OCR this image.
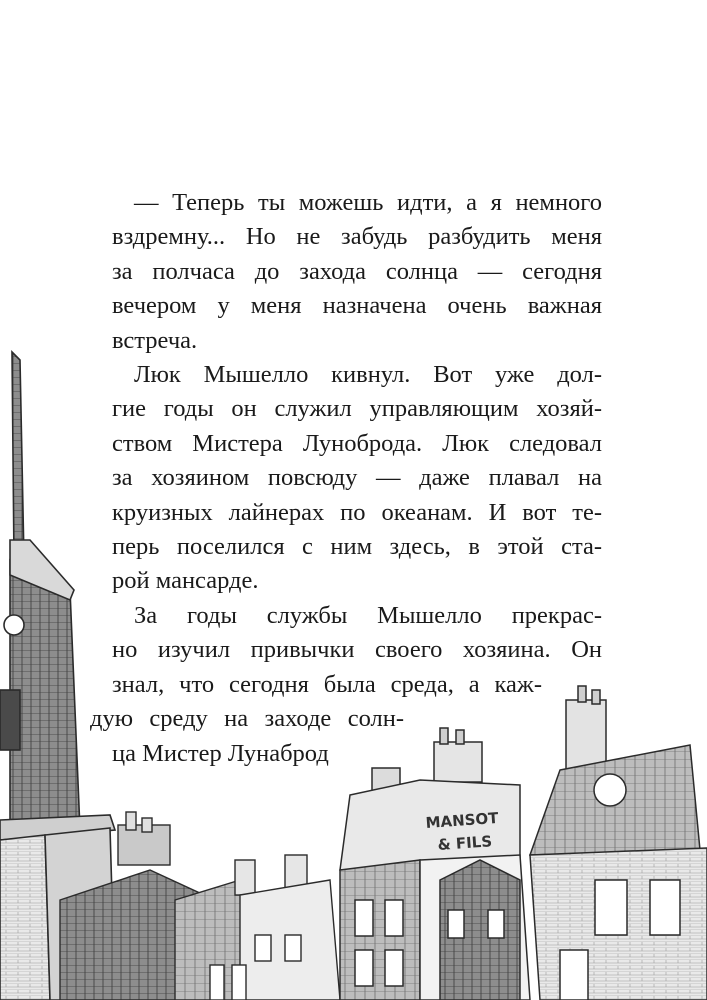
MANSOT
& FILS
— Теперь ты можешь идти, а я немного
вздремну... Но не забудь разбудить меня
за полчаса до захода солнца — сегодня
вечером у меня назначена очень важная
встреча.
Люк Мышелло кивнул. Вот уже дол-
гие годы он служил управляющим хозяй-
ством Мистера Луноброда. Люк следовал
за хозяином повсюду — даже плавал на
круизных лайнерах по океанам. И вот те-
перь поселился с ним здесь, в этой ста-
рой мансарде.
За годы службы Мышелло прекрас-
но изучил привычки своего хозяина. Он
знал, что сегодня была среда, а каж-
дую среду на заходе солн-
ца Мистер Лунаброд
